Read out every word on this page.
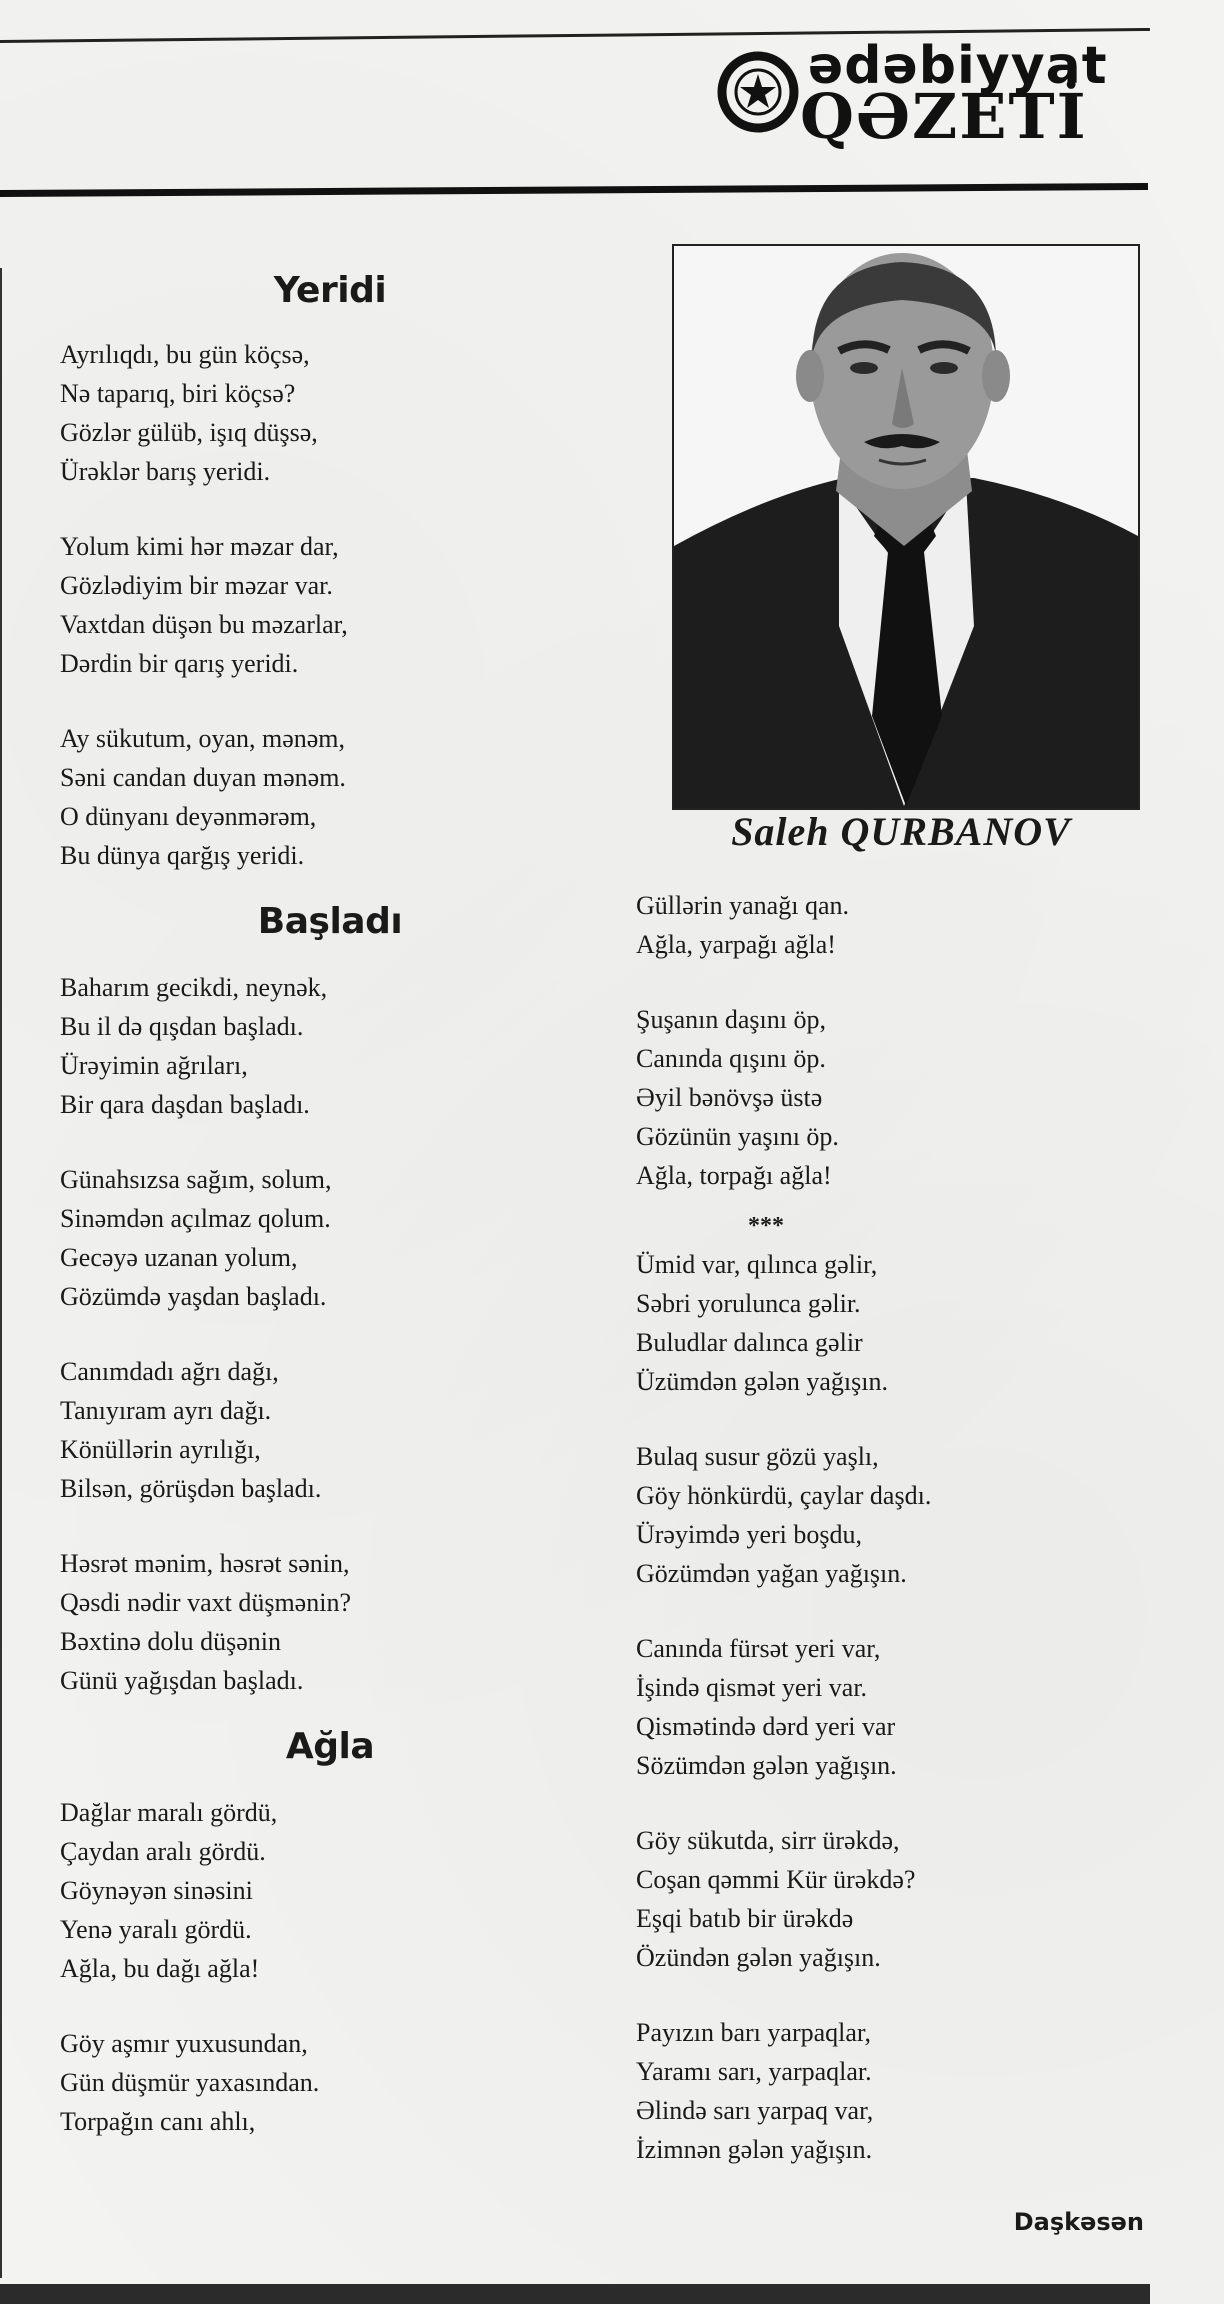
ədəbiyyat
QƏZETİ
Yeridi

Ayrılıqdı, bu gün köçsə,
Nə taparıq, biri köçsə?
Gözlər gülüb, işıq düşsə,
Ürəklər barış yeridi.

Yolum kimi hər məzar dar,
Gözlədiyim bir məzar var.
Vaxtdan düşən bu məzarlar,
Dərdin bir qarış yeridi.

Ay sükutum, oyan, mənəm,
Səni candan duyan mənəm.
O dünyanı deyənmərəm,
Bu dünya qarğış yeridi.

Başladı

Baharım gecikdi, neynək,
Bu il də qışdan başladı.
Ürəyimin ağrıları,
Bir qara daşdan başladı.

Günahsızsa sağım, solum,
Sinəmdən açılmaz qolum.
Gecəyə uzanan yolum,
Gözümdə yaşdan başladı.

Canımdadı ağrı dağı,
Tanıyıram ayrı dağı.
Könüllərin ayrılığı,
Bilsən, görüşdən başladı.

Həsrət mənim, həsrət sənin,
Qəsdi nədir vaxt düşmənin?
Bəxtinə dolu düşənin
Günü yağışdan başladı.

Ağla

Dağlar maralı gördü,
Çaydan aralı gördü.
Göynəyən sinəsini
Yenə yaralı gördü.
Ağla, bu dağı ağla!

Göy aşmır yuxusundan,
Gün düşmür yaxasından.
Torpağın canı ahlı,

Saleh QURBANOV

Güllərin yanağı qan.
Ağla, yarpağı ağla!

Şuşanın daşını öp,
Canında qışını öp.
Əyil bənövşə üstə
Gözünün yaşını öp.
Ağla, torpağı ağla!

***

Ümid var, qılınca gəlir,
Səbri yorulunca gəlir.
Buludlar dalınca gəlir
Üzümdən gələn yağışın.

Bulaq susur gözü yaşlı,
Göy hönkürdü, çaylar daşdı.
Ürəyimdə yeri boşdu,
Gözümdən yağan yağışın.

Canında fürsət yeri var,
İşində qismət yeri var.
Qismətində dərd yeri var
Sözümdən gələn yağışın.

Göy sükutda, sirr ürəkdə,
Coşan qəmmi Kür ürəkdə?
Eşqi batıb bir ürəkdə
Özündən gələn yağışın.

Payızın barı yarpaqlar,
Yaramı sarı, yarpaqlar.
Əlində sarı yarpaq var,
İzimnən gələn yağışın.

Daşkəsən
